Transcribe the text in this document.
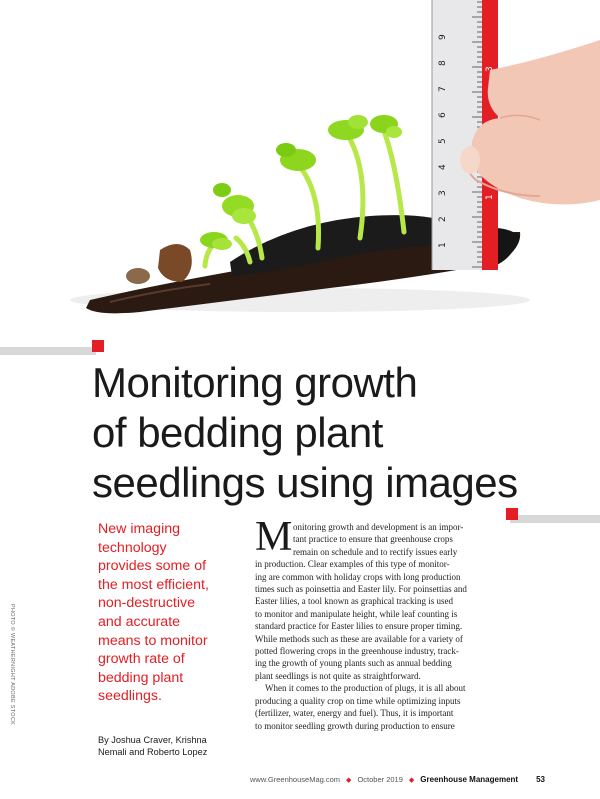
1
2
3
4
5
6
7
8
9
1
3
Monitoring growth
of bedding plant
seedlings using images
PHOTO © WEATHERNIGHT ADOBE STOCK
New imaging
technology
provides some of
the most efficient,
non-destructive
and accurate
means to monitor
growth rate of
bedding plant
seedlings.
By Joshua Craver, Krishna
Nemali and Roberto Lopez
M onitoring growth and development is an impor-
tant practice to ensure that greenhouse crops
remain on schedule and to rectify issues early
in production. Clear examples of this type of monitor-
ing are common with holiday crops with long production
times such as poinsettia and Easter lily. For poinsettias and
Easter lilies, a tool known as graphical tracking is used
to monitor and manipulate height, while leaf counting is
standard practice for Easter lilies to ensure proper timing.
While methods such as these are available for a variety of
potted flowering crops in the greenhouse industry, track-
ing the growth of young plants such as annual bedding
plant seedlings is not quite as straightforward.
When it comes to the production of plugs, it is all about
producing a quality crop on time while optimizing inputs
(fertilizer, water, energy and fuel). Thus, it is important
to monitor seedling growth during production to ensure
www.GreenhouseMag.com ◆ October 2019 ◆ Greenhouse Management 53
